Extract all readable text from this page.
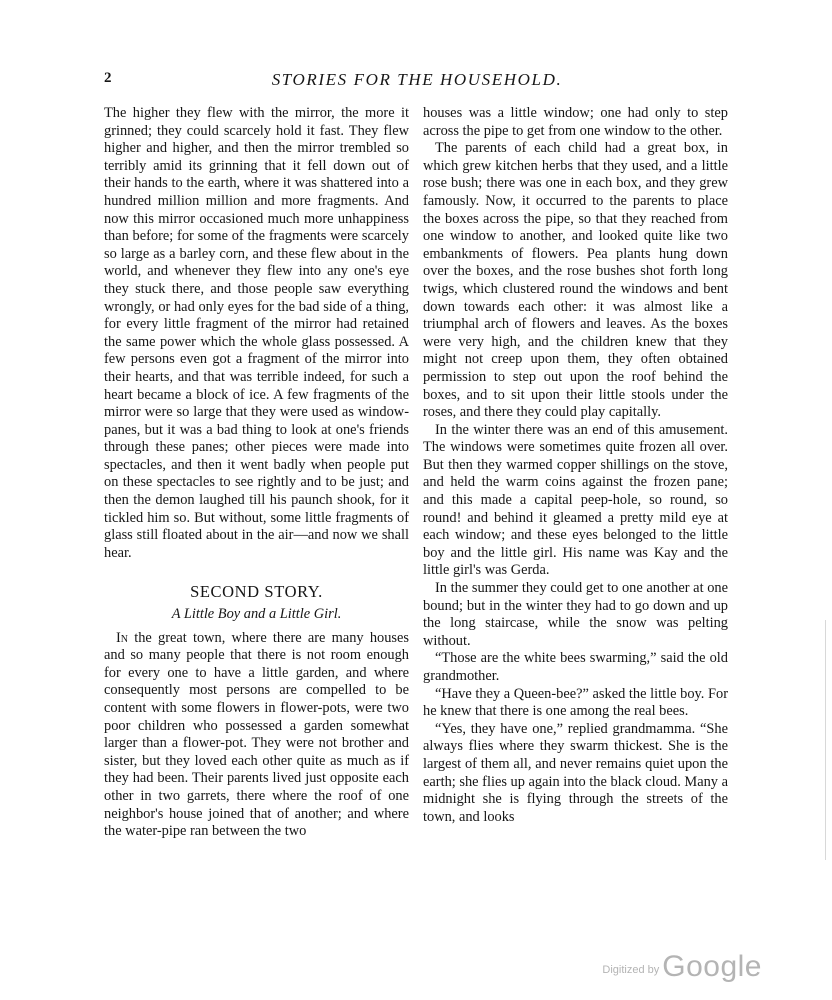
2	STORIES FOR THE HOUSEHOLD.

The higher they flew with the mirror, the more it grinned; they could scarcely hold it fast. They flew higher and higher, and then the mirror trembled so terribly amid its grinning that it fell down out of their hands to the earth, where it was shattered into a hundred million million and more fragments. And now this mirror occasioned much more unhappiness than before; for some of the fragments were scarcely so large as a barley corn, and these flew about in the world, and whenever they flew into any one's eye they stuck there, and those people saw everything wrongly, or had only eyes for the bad side of a thing, for every little fragment of the mirror had retained the same power which the whole glass possessed. A few persons even got a fragment of the mirror into their hearts, and that was terrible indeed, for such a heart became a block of ice. A few fragments of the mirror were so large that they were used as window-panes, but it was a bad thing to look at one's friends through these panes; other pieces were made into spectacles, and then it went badly when people put on these spectacles to see rightly and to be just; and then the demon laughed till his paunch shook, for it tickled him so. But without, some little fragments of glass still floated about in the air—and now we shall hear.

SECOND STORY.

A Little Boy and a Little Girl.

In the great town, where there are many houses and so many people that there is not room enough for every one to have a little garden, and where consequently most persons are compelled to be content with some flowers in flower-pots, were two poor children who possessed a garden somewhat larger than a flower-pot. They were not brother and sister, but they loved each other quite as much as if they had been. Their parents lived just opposite each other in two garrets, there where the roof of one neighbor's house joined that of another; and where the water-pipe ran between the two

houses was a little window; one had only to step across the pipe to get from one window to the other.

The parents of each child had a great box, in which grew kitchen herbs that they used, and a little rose bush; there was one in each box, and they grew famously. Now, it occurred to the parents to place the boxes across the pipe, so that they reached from one window to another, and looked quite like two embankments of flowers. Pea plants hung down over the boxes, and the rose bushes shot forth long twigs, which clustered round the windows and bent down towards each other: it was almost like a triumphal arch of flowers and leaves. As the boxes were very high, and the children knew that they might not creep upon them, they often obtained permission to step out upon the roof behind the boxes, and to sit upon their little stools under the roses, and there they could play capitally.

In the winter there was an end of this amusement. The windows were sometimes quite frozen all over. But then they warmed copper shillings on the stove, and held the warm coins against the frozen pane; and this made a capital peep-hole, so round, so round! and behind it gleamed a pretty mild eye at each window; and these eyes belonged to the little boy and the little girl. His name was Kay and the little girl's was Gerda.

In the summer they could get to one another at one bound; but in the winter they had to go down and up the long staircase, while the snow was pelting without.

“Those are the white bees swarming,” said the old grandmother.

“Have they a Queen-bee?” asked the little boy. For he knew that there is one among the real bees.

“Yes, they have one,” replied grandmamma. “She always flies where they swarm thickest. She is the largest of them all, and never remains quiet upon the earth; she flies up again into the black cloud. Many a midnight she is flying through the streets of the town, and looks

Digitized by Google
